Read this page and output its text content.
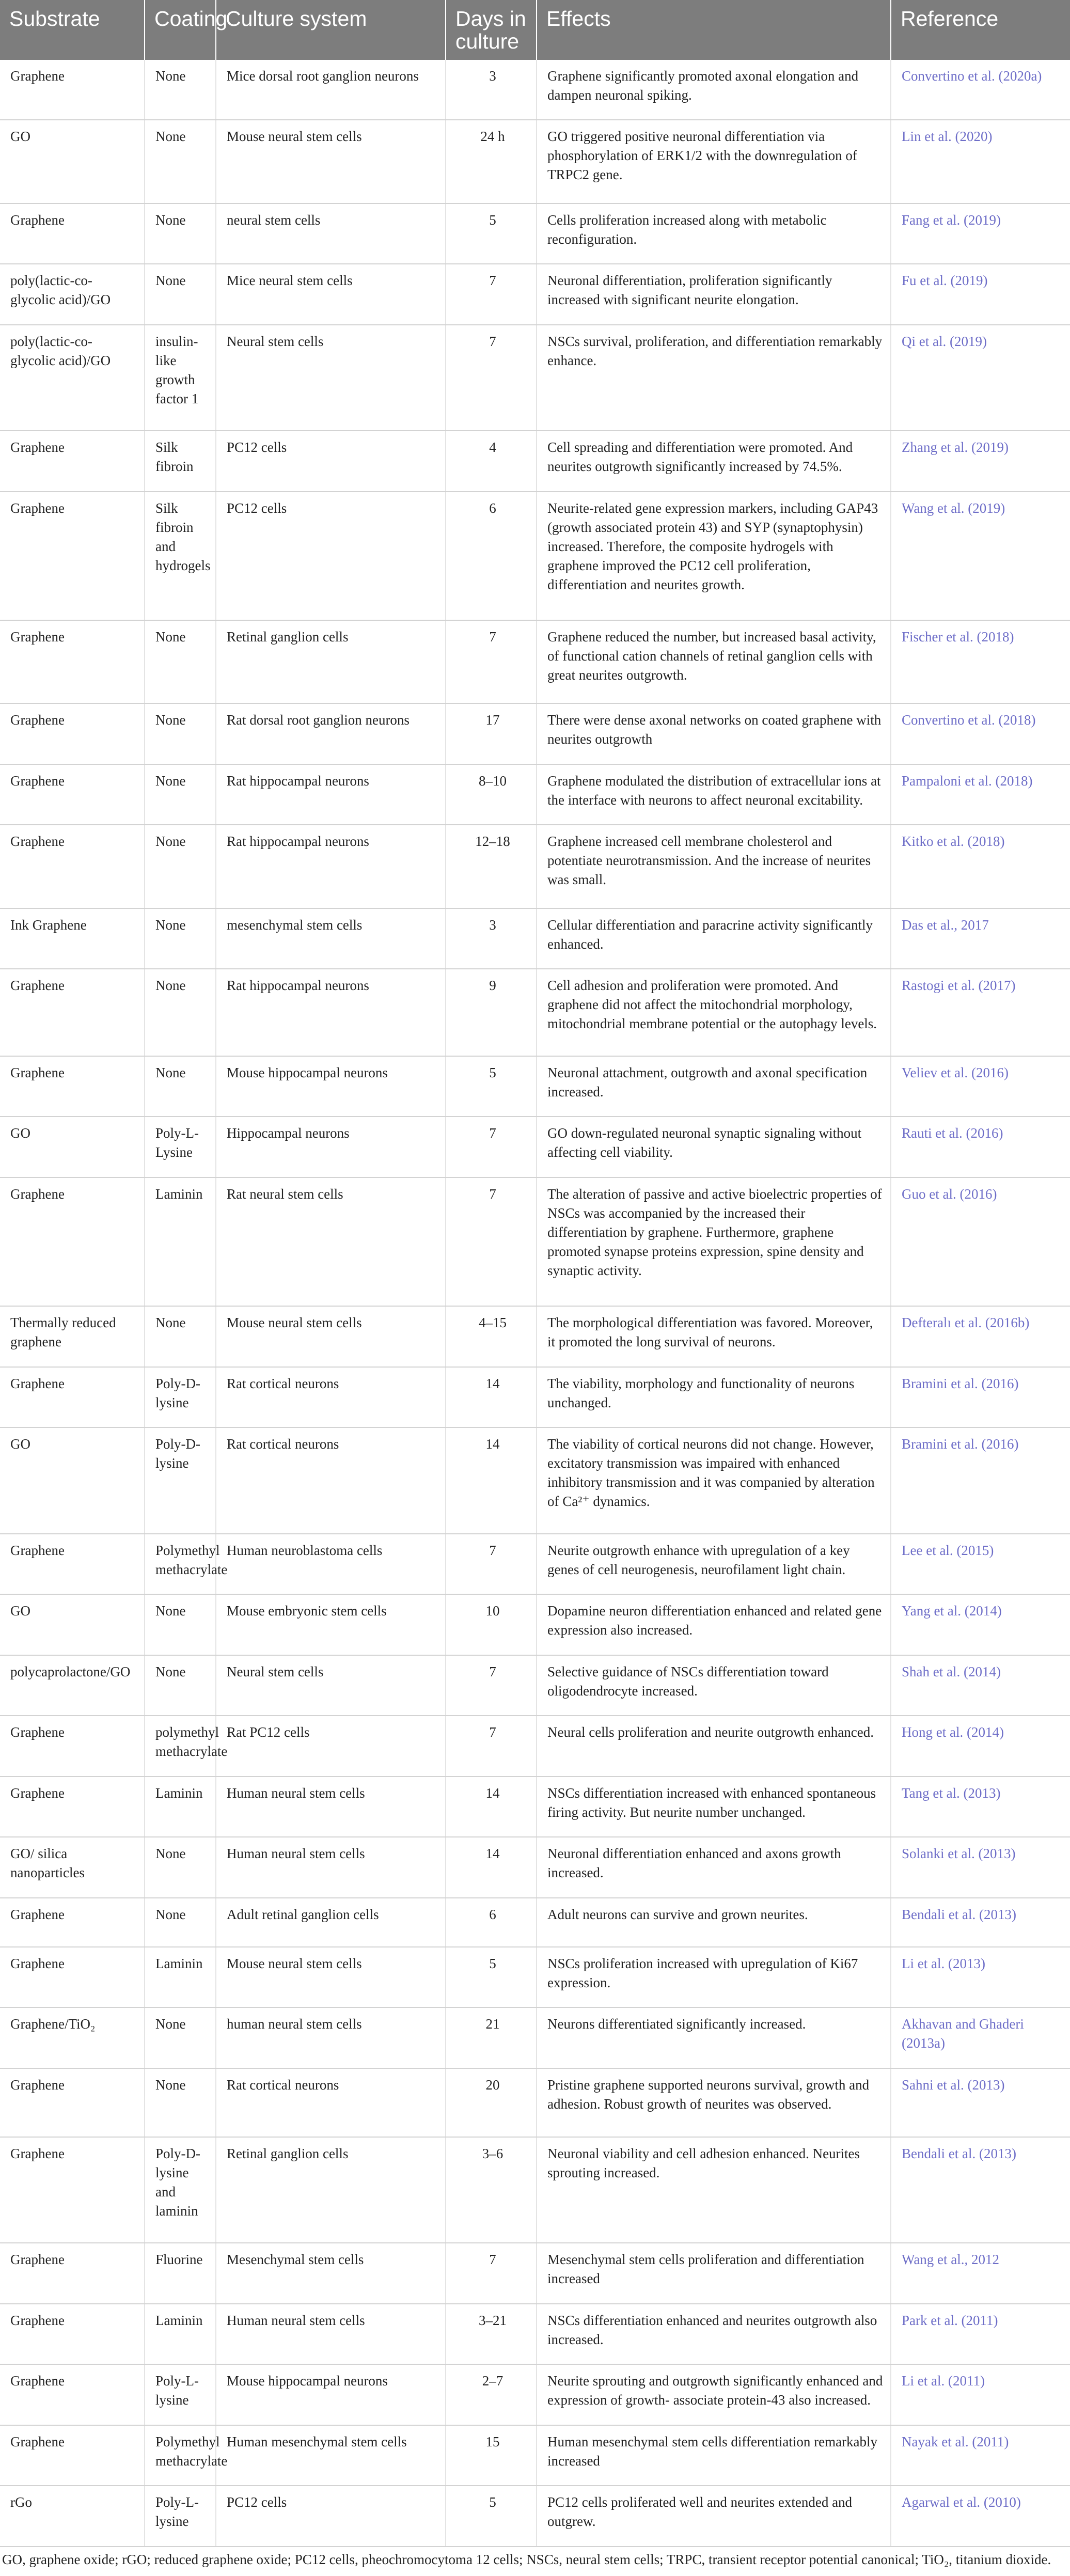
Substrate	Coating	Culture system	Days in culture	Effects	Reference
Graphene	None	Mice dorsal root ganglion neurons	3	Graphene significantly promoted axonal elongation and dampen neuronal spiking.	Convertino et al. (2020a)
GO	None	Mouse neural stem cells	24 h	GO triggered positive neuronal differentiation via phosphorylation of ERK1/2 with the downregulation of TRPC2 gene.	Lin et al. (2020)
Graphene	None	neural stem cells	5	Cells proliferation increased along with metabolic reconfiguration.	Fang et al. (2019)
poly(lactic-co-glycolic acid)/GO	None	Mice neural stem cells	7	Neuronal differentiation, proliferation significantly increased with significant neurite elongation.	Fu et al. (2019)
poly(lactic-co-glycolic acid)/GO	insulin-like growth factor 1	Neural stem cells	7	NSCs survival, proliferation, and differentiation remarkably enhance.	Qi et al. (2019)
Graphene	Silk fibroin	PC12 cells	4	Cell spreading and differentiation were promoted. And neurites outgrowth significantly increased by 74.5%.	Zhang et al. (2019)
Graphene	Silk fibroin and hydrogels	PC12 cells	6	Neurite-related gene expression markers, including GAP43 (growth associated protein 43) and SYP (synaptophysin) increased. Therefore, the composite hydrogels with graphene improved the PC12 cell proliferation, differentiation and neurites growth.	Wang et al. (2019)
Graphene	None	Retinal ganglion cells	7	Graphene reduced the number, but increased basal activity, of functional cation channels of retinal ganglion cells with great neurites outgrowth.	Fischer et al. (2018)
Graphene	None	Rat dorsal root ganglion neurons	17	There were dense axonal networks on coated graphene with neurites outgrowth	Convertino et al. (2018)
Graphene	None	Rat hippocampal neurons	8–10	Graphene modulated the distribution of extracellular ions at the interface with neurons to affect neuronal excitability.	Pampaloni et al. (2018)
Graphene	None	Rat hippocampal neurons	12–18	Graphene increased cell membrane cholesterol and potentiate neurotransmission. And the increase of neurites was small.	Kitko et al. (2018)
Ink Graphene	None	mesenchymal stem cells	3	Cellular differentiation and paracrine activity significantly enhanced.	Das et al., 2017
Graphene	None	Rat hippocampal neurons	9	Cell adhesion and proliferation were promoted. And graphene did not affect the mitochondrial morphology, mitochondrial membrane potential or the autophagy levels.	Rastogi et al. (2017)
Graphene	None	Mouse hippocampal neurons	5	Neuronal attachment, outgrowth and axonal specification increased.	Veliev et al. (2016)
GO	Poly-L-Lysine	Hippocampal neurons	7	GO down-regulated neuronal synaptic signaling without affecting cell viability.	Rauti et al. (2016)
Graphene	Laminin	Rat neural stem cells	7	The alteration of passive and active bioelectric properties of NSCs was accompanied by the increased their differentiation by graphene. Furthermore, graphene promoted synapse proteins expression, spine density and synaptic activity.	Guo et al. (2016)
Thermally reduced graphene	None	Mouse neural stem cells	4–15	The morphological differentiation was favored. Moreover, it promoted the long survival of neurons.	Defteralı et al. (2016b)
Graphene	Poly-D-lysine	Rat cortical neurons	14	The viability, morphology and functionality of neurons unchanged.	Bramini et al. (2016)
GO	Poly-D-lysine	Rat cortical neurons	14	The viability of cortical neurons did not change. However, excitatory transmission was impaired with enhanced inhibitory transmission and it was companied by alteration of Ca²⁺ dynamics.	Bramini et al. (2016)
Graphene	Polymethyl methacrylate	Human neuroblastoma cells	7	Neurite outgrowth enhance with upregulation of a key genes of cell neurogenesis, neurofilament light chain.	Lee et al. (2015)
GO	None	Mouse embryonic stem cells	10	Dopamine neuron differentiation enhanced and related gene expression also increased.	Yang et al. (2014)
polycaprolactone/GO	None	Neural stem cells	7	Selective guidance of NSCs differentiation toward oligodendrocyte increased.	Shah et al. (2014)
Graphene	polymethyl methacrylate	Rat PC12 cells	7	Neural cells proliferation and neurite outgrowth enhanced.	Hong et al. (2014)
Graphene	Laminin	Human neural stem cells	14	NSCs differentiation increased with enhanced spontaneous firing activity. But neurite number unchanged.	Tang et al. (2013)
GO/ silica nanoparticles	None	Human neural stem cells	14	Neuronal differentiation enhanced and axons growth increased.	Solanki et al. (2013)
Graphene	None	Adult retinal ganglion cells	6	Adult neurons can survive and grown neurites.	Bendali et al. (2013)
Graphene	Laminin	Mouse neural stem cells	5	NSCs proliferation increased with upregulation of Ki67 expression.	Li et al. (2013)
Graphene/TiO₂	None	human neural stem cells	21	Neurons differentiated significantly increased.	Akhavan and Ghaderi (2013a)
Graphene	None	Rat cortical neurons	20	Pristine graphene supported neurons survival, growth and adhesion. Robust growth of neurites was observed.	Sahni et al. (2013)
Graphene	Poly-D-lysine and laminin	Retinal ganglion cells	3–6	Neuronal viability and cell adhesion enhanced. Neurites sprouting increased.	Bendali et al. (2013)
Graphene	Fluorine	Mesenchymal stem cells	7	Mesenchymal stem cells proliferation and differentiation increased	Wang et al., 2012
Graphene	Laminin	Human neural stem cells	3–21	NSCs differentiation enhanced and neurites outgrowth also increased.	Park et al. (2011)
Graphene	Poly-L-lysine	Mouse hippocampal neurons	2–7	Neurite sprouting and outgrowth significantly enhanced and expression of growth- associate protein-43 also increased.	Li et al. (2011)
Graphene	Polymethyl methacrylate	Human mesenchymal stem cells	15	Human mesenchymal stem cells differentiation remarkably increased	Nayak et al. (2011)
rGo	Poly-L-lysine	PC12 cells	5	PC12 cells proliferated well and neurites extended and outgrew.	Agarwal et al. (2010)
GO, graphene oxide; rGO; reduced graphene oxide; PC12 cells, pheochromocytoma 12 cells; NSCs, neural stem cells; TRPC, transient receptor potential canonical; TiO₂, titanium dioxide.
